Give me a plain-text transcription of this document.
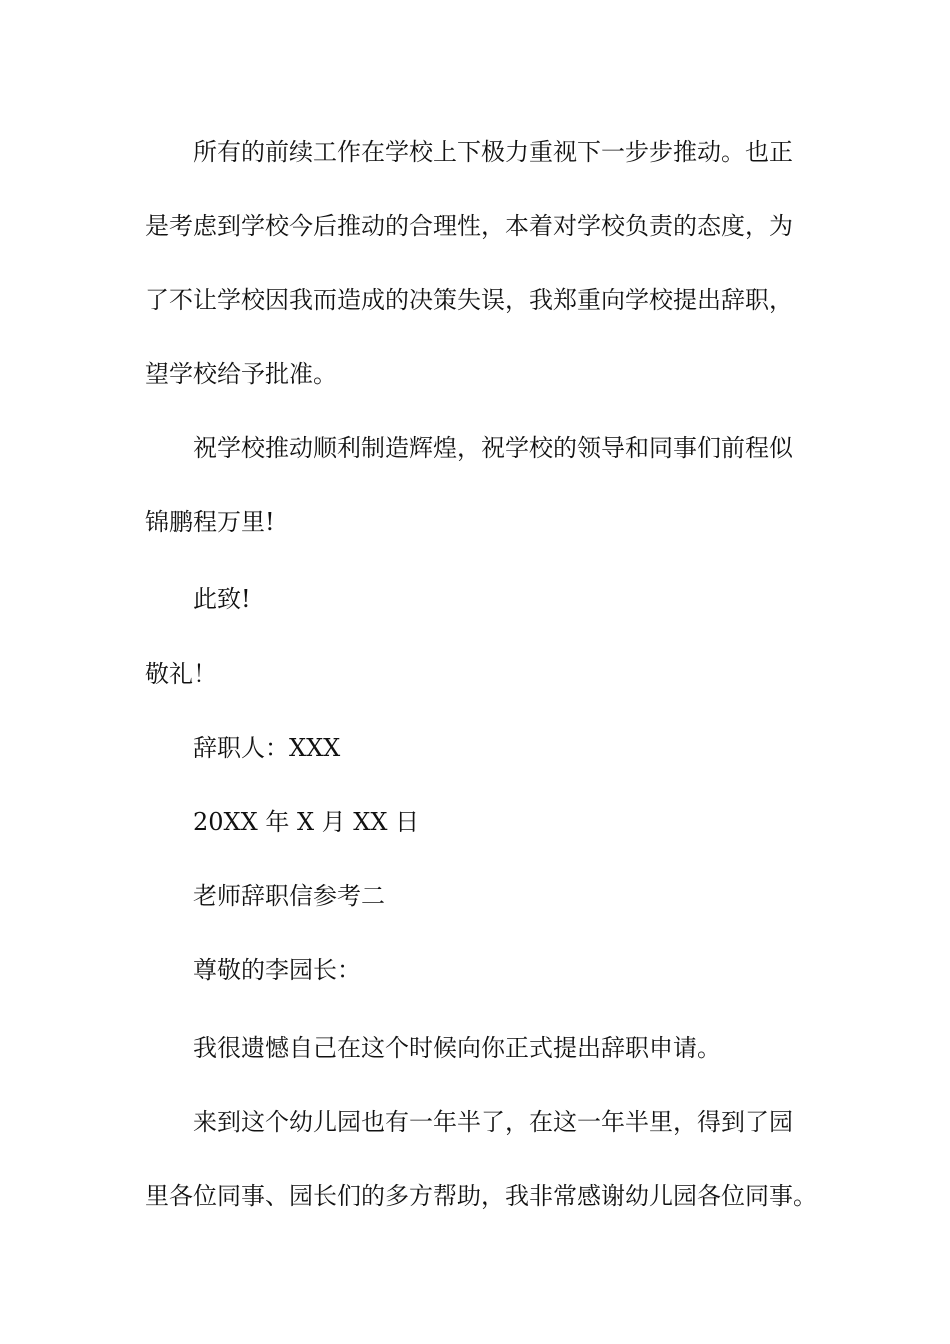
所有的前续工作在学校上下极力重视下一步步推动。也正
是考虑到学校今后推动的合理性，本着对学校负责的态度，为
了不让学校因我而造成的决策失误，我郑重向学校提出辞职，
望学校给予批准。
祝学校推动顺利制造辉煌，祝学校的领导和同事们前程似
锦鹏程万里!
此致!
敬礼！
辞职人：XXX
20XX 年 X 月 XX 日
老师辞职信参考二
尊敬的李园长：
我很遗憾自己在这个时候向你正式提出辞职申请。
来到这个幼儿园也有一年半了，在这一年半里，得到了园
里各位同事、园长们的多方帮助，我非常感谢幼儿园各位同事。
